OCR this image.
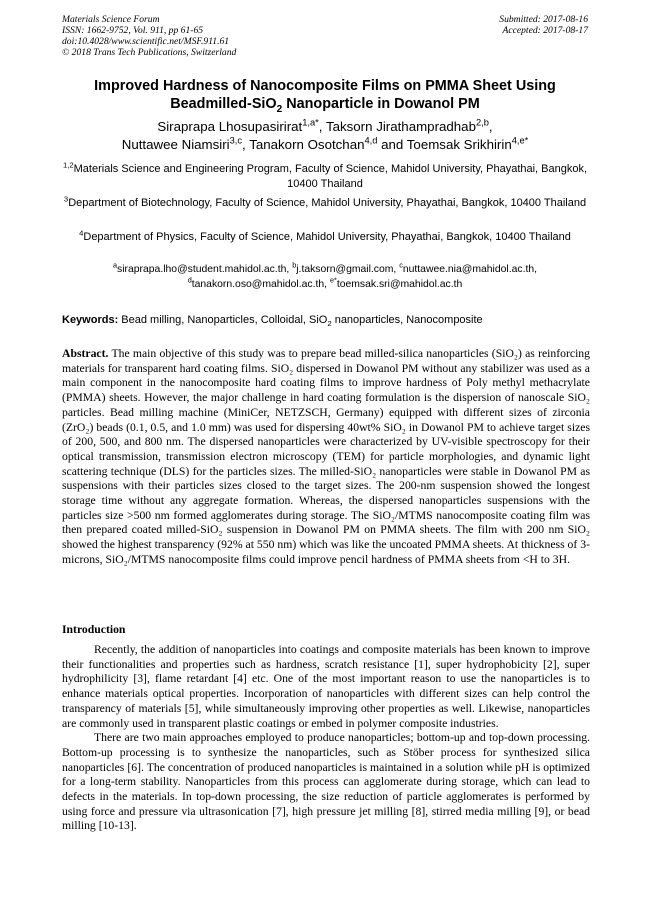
Materials Science Forum
ISSN: 1662-9752, Vol. 911, pp 61-65
doi:10.4028/www.scientific.net/MSF.911.61
© 2018 Trans Tech Publications, Switzerland
Submitted: 2017-08-16
Accepted: 2017-08-17
Improved Hardness of Nanocomposite Films on PMMA Sheet Using
Beadmilled-SiO$_2$ Nanoparticle in Dowanol PM
Siraprapa Lhosupasirirat$^{1,a*}$, Taksorn Jirathampradhab$^{2,b}$,
Nuttawee Niamsiri$^{3,c}$, Tanakorn Osotchan$^{4,d}$ and Toemsak Srikhirin$^{4,e*}$
$^{1,2}$Materials Science and Engineering Program, Faculty of Science, Mahidol University, Phayathai, Bangkok, 10400 Thailand
$^3$Department of Biotechnology, Faculty of Science, Mahidol University, Phayathai, Bangkok, 10400 Thailand
$^4$Department of Physics, Faculty of Science, Mahidol University, Phayathai, Bangkok, 10400 Thailand
$^a$siraprapa.lho@student.mahidol.ac.th, $^b$j.taksorn@gmail.com, $^c$nuttawee.nia@mahidol.ac.th,
$^d$tanakorn.oso@mahidol.ac.th, $^{e*}$toemsak.sri@mahidol.ac.th
Keywords: Bead milling, Nanoparticles, Colloidal, SiO$_2$ nanoparticles, Nanocomposite
Abstract. The main objective of this study was to prepare bead milled-silica nanoparticles (SiO₂) as reinforcing materials for transparent hard coating films. SiO₂ dispersed in Dowanol PM without any stabilizer was used as a main component in the nanocomposite hard coating films to improve hardness of Poly methyl methacrylate (PMMA) sheets. However, the major challenge in hard coating formulation is the dispersion of nanoscale SiO₂ particles. Bead milling machine (MiniCer, NETZSCH, Germany) equipped with different sizes of zirconia (ZrO₂) beads (0.1, 0.5, and 1.0 mm) was used for dispersing 40wt% SiO₂ in Dowanol PM to achieve target sizes of 200, 500, and 800 nm. The dispersed nanoparticles were characterized by UV-visible spectroscopy for their optical transmission, transmission electron microscopy (TEM) for particle morphologies, and dynamic light scattering technique (DLS) for the particles sizes. The milled-SiO₂ nanoparticles were stable in Dowanol PM as suspensions with their particles sizes closed to the target sizes. The 200-nm suspension showed the longest storage time without any aggregate formation. Whereas, the dispersed nanoparticles suspensions with the particles size >500 nm formed agglomerates during storage. The SiO₂/MTMS nanocomposite coating film was then prepared coated milled-SiO₂ suspension in Dowanol PM on PMMA sheets. The film with 200 nm SiO₂ showed the highest transparency (92% at 550 nm) which was like the uncoated PMMA sheets. At thickness of 3-microns, SiO₂/MTMS nanocomposite films could improve pencil hardness of PMMA sheets from <H to 3H.
Introduction

Recently, the addition of nanoparticles into coatings and composite materials has been known to improve their functionalities and properties such as hardness, scratch resistance [1], super hydrophobicity [2], super hydrophilicity [3], flame retardant [4] etc. One of the most important reason to use the nanoparticles is to enhance materials optical properties. Incorporation of nanoparticles with different sizes can help control the transparency of materials [5], while simultaneously improving other properties as well. Likewise, nanoparticles are commonly used in transparent plastic coatings or embed in polymer composite industries.

There are two main approaches employed to produce nanoparticles; bottom-up and top-down processing. Bottom-up processing is to synthesize the nanoparticles, such as Stöber process for synthesized silica nanoparticles [6]. The concentration of produced nanoparticles is maintained in a solution while pH is optimized for a long-term stability. Nanoparticles from this process can agglomerate during storage, which can lead to defects in the materials. In top-down processing, the size reduction of particle agglomerates is performed by using force and pressure via ultrasonication [7], high pressure jet milling [8], stirred media milling [9], or bead milling [10-13].
